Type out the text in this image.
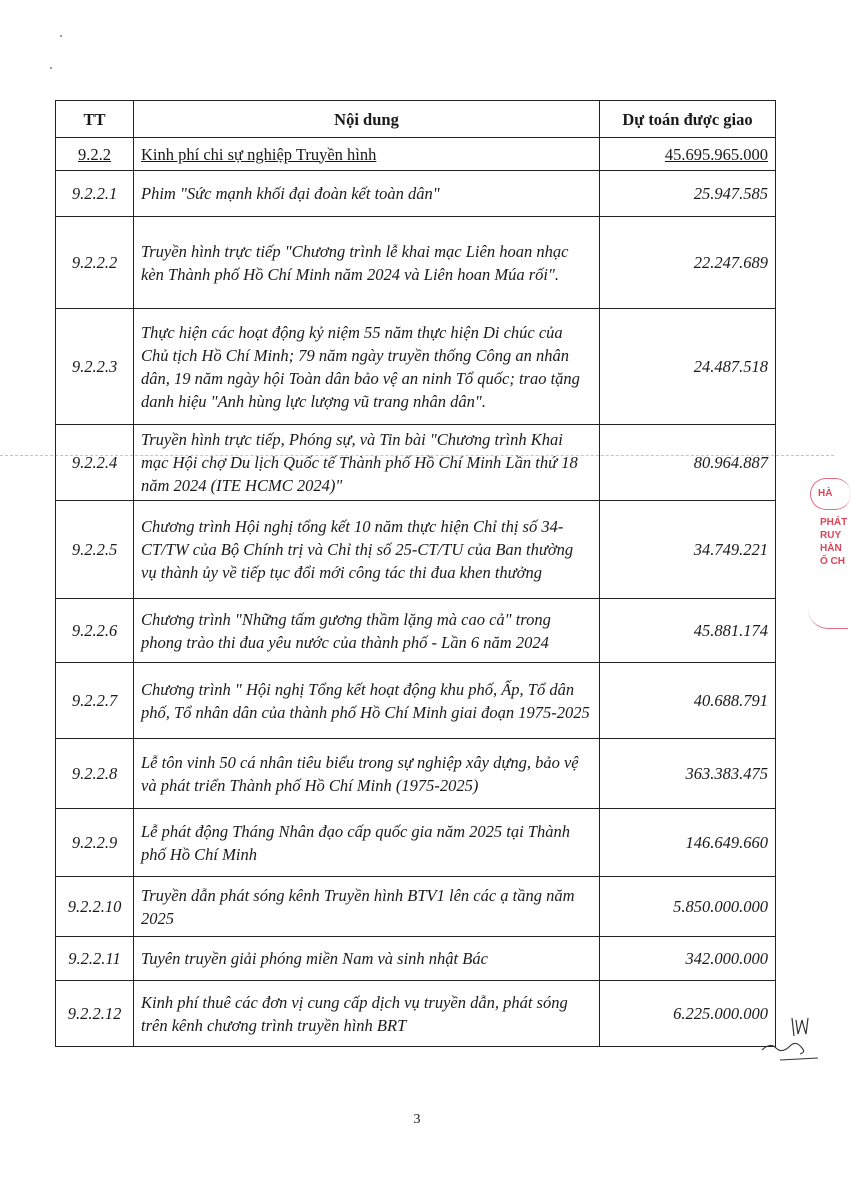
TT	Nội dung	Dự toán được giao
9.2.2	Kinh phí chi sự nghiệp Truyền hình	45.695.965.000
9.2.2.1	Phim "Sức mạnh khối đại đoàn kết toàn dân"	25.947.585
9.2.2.2	Truyền hình trực tiếp "Chương trình lễ khai mạc Liên hoan nhạc kèn Thành phố Hồ Chí Minh năm 2024 và Liên hoan Múa rối".	22.247.689
9.2.2.3	Thực hiện các hoạt động kỷ niệm 55 năm thực hiện Di chúc của Chủ tịch Hồ Chí Minh; 79 năm ngày truyền thống Công an nhân dân, 19 năm ngày hội Toàn dân bảo vệ an ninh Tổ quốc; trao tặng danh hiệu "Anh hùng lực lượng vũ trang nhân dân".	24.487.518
9.2.2.4	Truyền hình trực tiếp, Phóng sự, và Tin bài "Chương trình Khai mạc Hội chợ Du lịch Quốc tế Thành phố Hồ Chí Minh Lần thứ 18 năm 2024 (ITE HCMC 2024)"	80.964.887
9.2.2.5	Chương trình Hội nghị tổng kết 10 năm thực hiện Chỉ thị số 34-CT/TW của Bộ Chính trị và Chỉ thị số 25-CT/TU của Ban thường vụ thành ủy về tiếp tục đổi mới công tác thi đua khen thưởng	34.749.221
9.2.2.6	Chương trình "Những tấm gương thầm lặng mà cao cả" trong phong trào thi đua yêu nước của thành phố - Lần 6 năm 2024	45.881.174
9.2.2.7	Chương trình " Hội nghị Tổng kết hoạt động khu phố, Ấp, Tổ dân phố, Tổ nhân dân của thành phố Hồ Chí Minh giai đoạn 1975-2025	40.688.791
9.2.2.8	Lễ tôn vinh 50 cá nhân tiêu biểu trong sự nghiệp xây dựng, bảo vệ và phát triển Thành phố Hồ Chí Minh (1975-2025)	363.383.475
9.2.2.9	Lễ phát động Tháng Nhân đạo cấp quốc gia năm 2025 tại Thành phố Hồ Chí Minh	146.649.660
9.2.2.10	Truyền dẫn phát sóng kênh Truyền hình BTV1 lên các ạ tầng năm 2025	5.850.000.000
9.2.2.11	Tuyên truyền giải phóng miền Nam và sinh nhật Bác	342.000.000
9.2.2.12	Kinh phí thuê các đơn vị cung cấp dịch vụ truyền dẫn, phát sóng trên kênh chương trình truyền hình BRT	6.225.000.000
HÀ
PHÁT
RUY
HÀN
Ố CH
3
